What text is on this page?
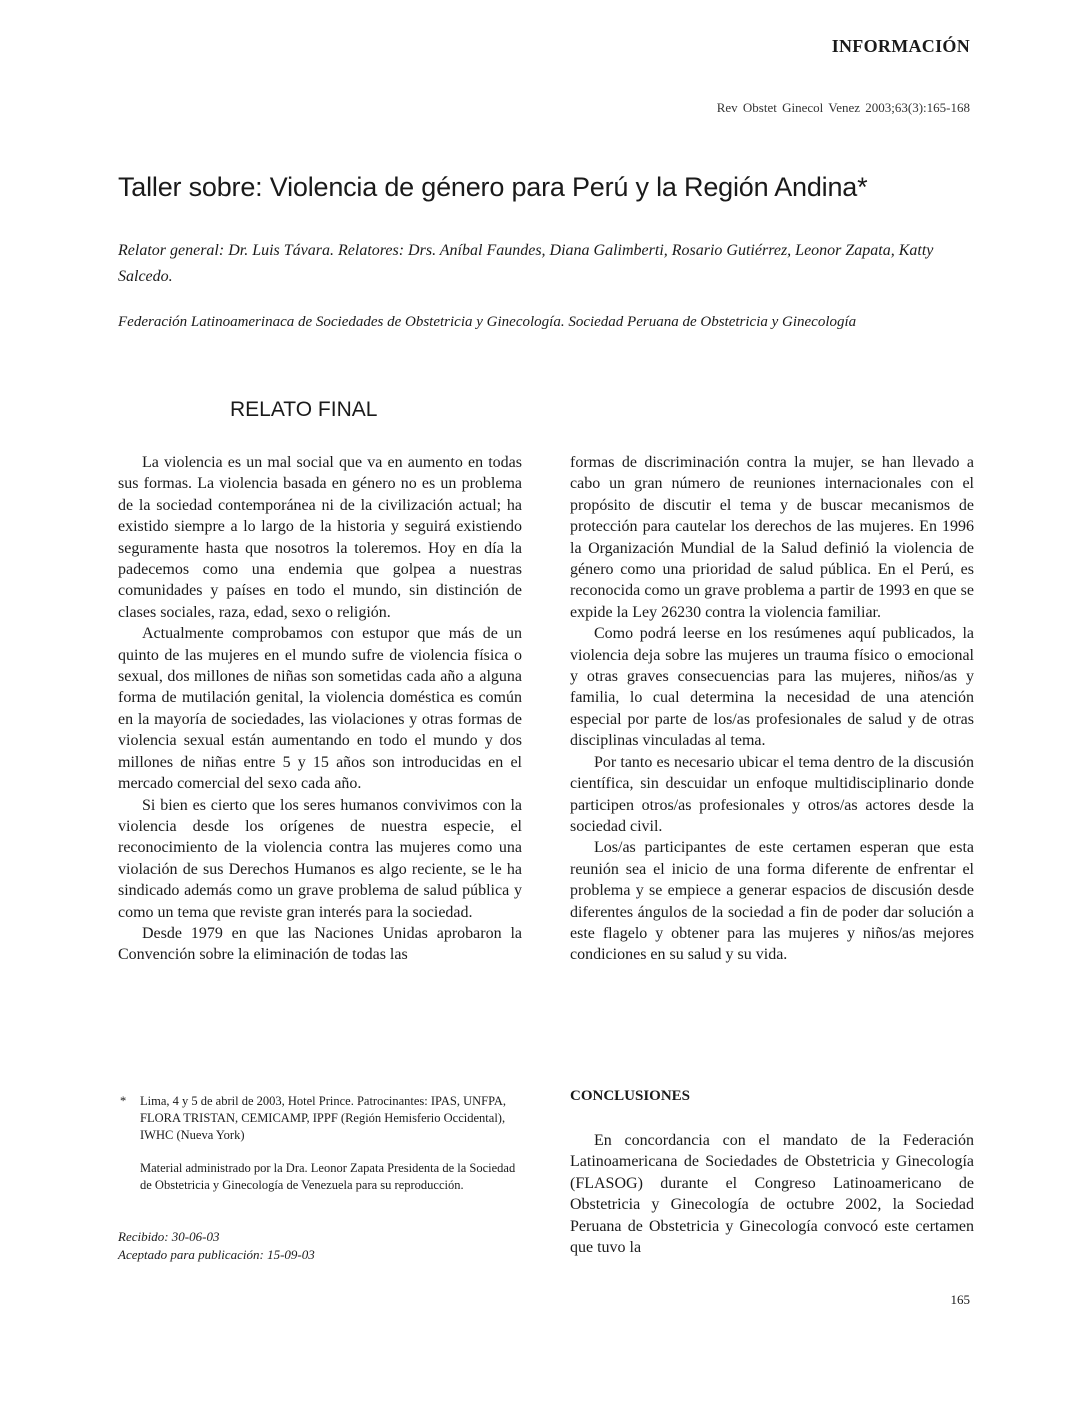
INFORMACIÓN
Rev Obstet Ginecol Venez 2003;63(3):165-168
Taller sobre: Violencia de género para Perú y la Región Andina*
Relator general: Dr. Luis Távara. Relatores: Drs. Aníbal Faundes, Diana Galimberti, Rosario Gutiérrez, Leonor Zapata, Katty Salcedo.
Federación Latinoamerinaca de Sociedades de Obstetricia y Ginecología. Sociedad Peruana de Obstetricia y Ginecología
RELATO FINAL

La violencia es un mal social que va en aumento en todas sus formas. La violencia basada en género no es un problema de la sociedad contemporánea ni de la civilización actual; ha existido siempre a lo largo de la historia y seguirá existiendo seguramente hasta que nosotros la toleremos. Hoy en día la padecemos como una endemia que golpea a nuestras comunidades y países en todo el mundo, sin distinción de clases sociales, raza, edad, sexo o religión.

Actualmente comprobamos con estupor que más de un quinto de las mujeres en el mundo sufre de violencia física o sexual, dos millones de niñas son sometidas cada año a alguna forma de mutilación genital, la violencia doméstica es común en la mayoría de sociedades, las violaciones y otras formas de violencia sexual están aumentando en todo el mundo y dos millones de niñas entre 5 y 15 años son introducidas en el mercado comercial del sexo cada año.

Si bien es cierto que los seres humanos convivimos con la violencia desde los orígenes de nuestra especie, el reconocimiento de la violencia contra las mujeres como una violación de sus Derechos Humanos es algo reciente, se le ha sindicado además como un grave problema de salud pública y como un tema que reviste gran interés para la sociedad.

Desde 1979 en que las Naciones Unidas aprobaron la Convención sobre la eliminación de todas las

formas de discriminación contra la mujer, se han llevado a cabo un gran número de reuniones internacionales con el propósito de discutir el tema y de buscar mecanismos de protección para cautelar los derechos de las mujeres. En 1996 la Organización Mundial de la Salud definió la violencia de género como una prioridad de salud pública. En el Perú, es reconocida como un grave problema a partir de 1993 en que se expide la Ley 26230 contra la violencia familiar.

Como podrá leerse en los resúmenes aquí publicados, la violencia deja sobre las mujeres un trauma físico o emocional y otras graves consecuencias para las mujeres, niños/as y familia, lo cual determina la necesidad de una atención especial por parte de los/as profesionales de salud y de otras disciplinas vinculadas al tema.

Por tanto es necesario ubicar el tema dentro de la discusión científica, sin descuidar un enfoque multidisciplinario donde participen otros/as profesionales y otros/as actores desde la sociedad civil.

Los/as participantes de este certamen esperan que esta reunión sea el inicio de una forma diferente de enfrentar el problema y se empiece a generar espacios de discusión desde diferentes ángulos de la sociedad a fin de poder dar solución a este flagelo y obtener para las mujeres y niños/as mejores condiciones en su salud y su vida.

CONCLUSIONES

En concordancia con el mandato de la Federación Latinoamericana de Sociedades de Obstetricia y Ginecología (FLASOG) durante el Congreso Latinoamericano de Obstetricia y Ginecología de octubre 2002, la Sociedad Peruana de Obstetricia y Ginecología convocó este certamen que tuvo la

* Lima, 4 y 5 de abril de 2003, Hotel Prince. Patrocinantes: IPAS, UNFPA, FLORA TRISTAN, CEMICAMP, IPPF (Región Hemisferio Occidental), IWHC (Nueva York)
Material administrado por la Dra. Leonor Zapata Presidenta de la Sociedad de Obstetricia y Ginecología de Venezuela para su reproducción.
Recibido: 30-06-03
Aceptado para publicación: 15-09-03
165
